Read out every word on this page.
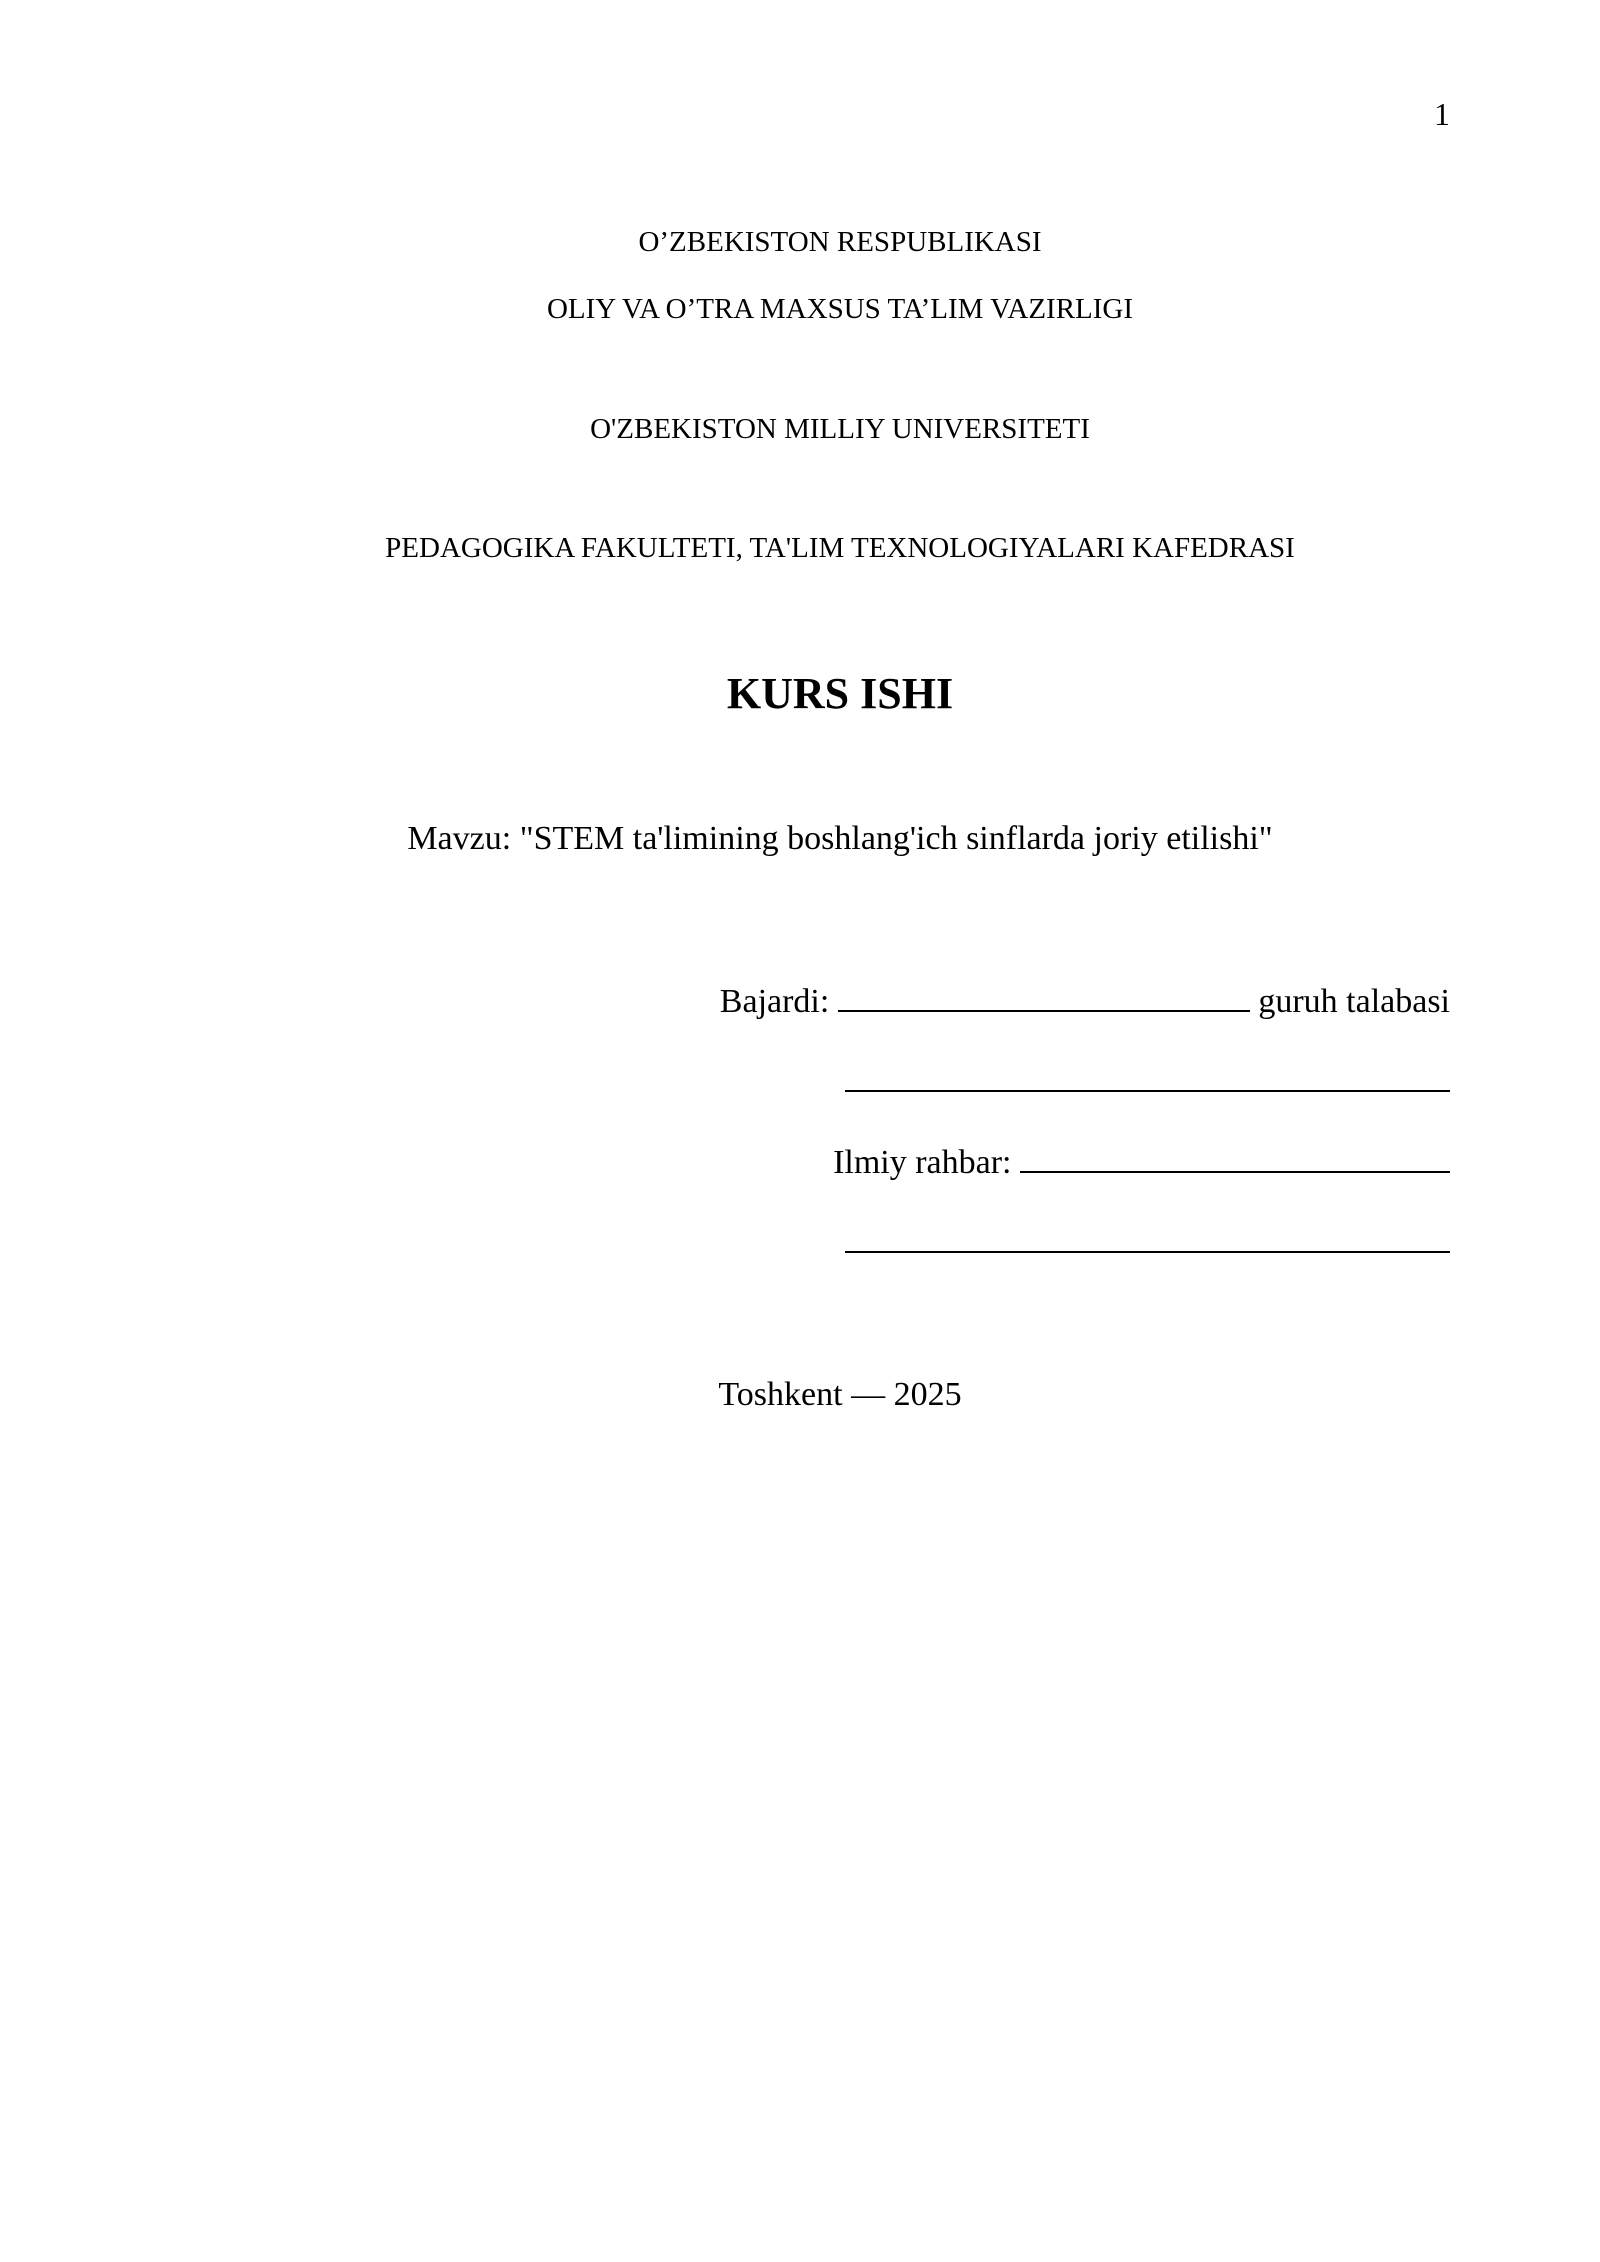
1
O’ZBEKISTON RESPUBLIKASI
OLIY VA O’TRA MAXSUS TA’LIM VAZIRLIGI
O'ZBEKISTON MILLIY UNIVERSITETI
PEDAGOGIKA FAKULTETI, TA'LIM TEXNOLOGIYALARI KAFEDRASI
KURS ISHI
Mavzu: "STEM ta'limining boshlang'ich sinflarda joriy etilishi"
Bajardi:	guruh talabasi
Ilmiy rahbar:
Toshkent — 2025
